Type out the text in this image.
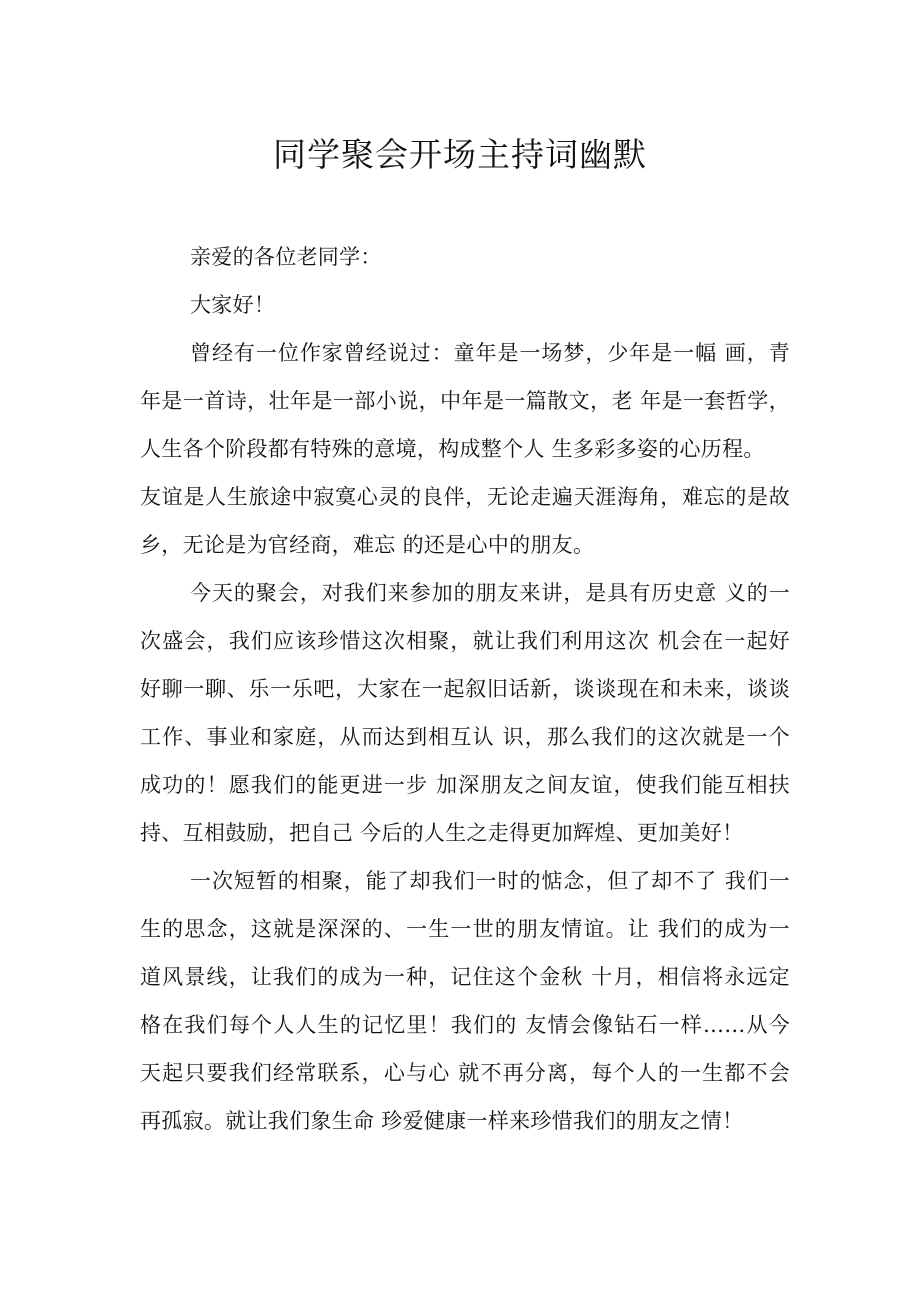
同学聚会开场主持词幽默
亲爱的各位老同学：
大家好！
曾经有一位作家曾经说过：童年是一场梦，少年是一幅 画，青
年是一首诗，壮年是一部小说，中年是一篇散文，老 年是一套哲学，
人生各个阶段都有特殊的意境，构成整个人 生多彩多姿的心历程。
友谊是人生旅途中寂寞心灵的良伴，无论走遍天涯海角，难忘的是故
乡，无论是为官经商，难忘 的还是心中的朋友。
今天的聚会，对我们来参加的朋友来讲，是具有历史意 义的一
次盛会，我们应该珍惜这次相聚，就让我们利用这次 机会在一起好
好聊一聊、乐一乐吧，大家在一起叙旧话新，谈谈现在和未来，谈谈
工作、事业和家庭，从而达到相互认 识，那么我们的这次就是一个
成功的！愿我们的能更进一步 加深朋友之间友谊，使我们能互相扶
持、互相鼓励，把自己 今后的人生之走得更加辉煌、更加美好！
一次短暂的相聚，能了却我们一时的惦念，但了却不了 我们一
生的思念，这就是深深的、一生一世的朋友情谊。让 我们的成为一
道风景线，让我们的成为一种，记住这个金秋 十月，相信将永远定
格在我们每个人人生的记忆里！我们的 友情会像钻石一样……从今
天起只要我们经常联系，心与心 就不再分离，每个人的一生都不会
再孤寂。就让我们象生命 珍爱健康一样来珍惜我们的朋友之情！
